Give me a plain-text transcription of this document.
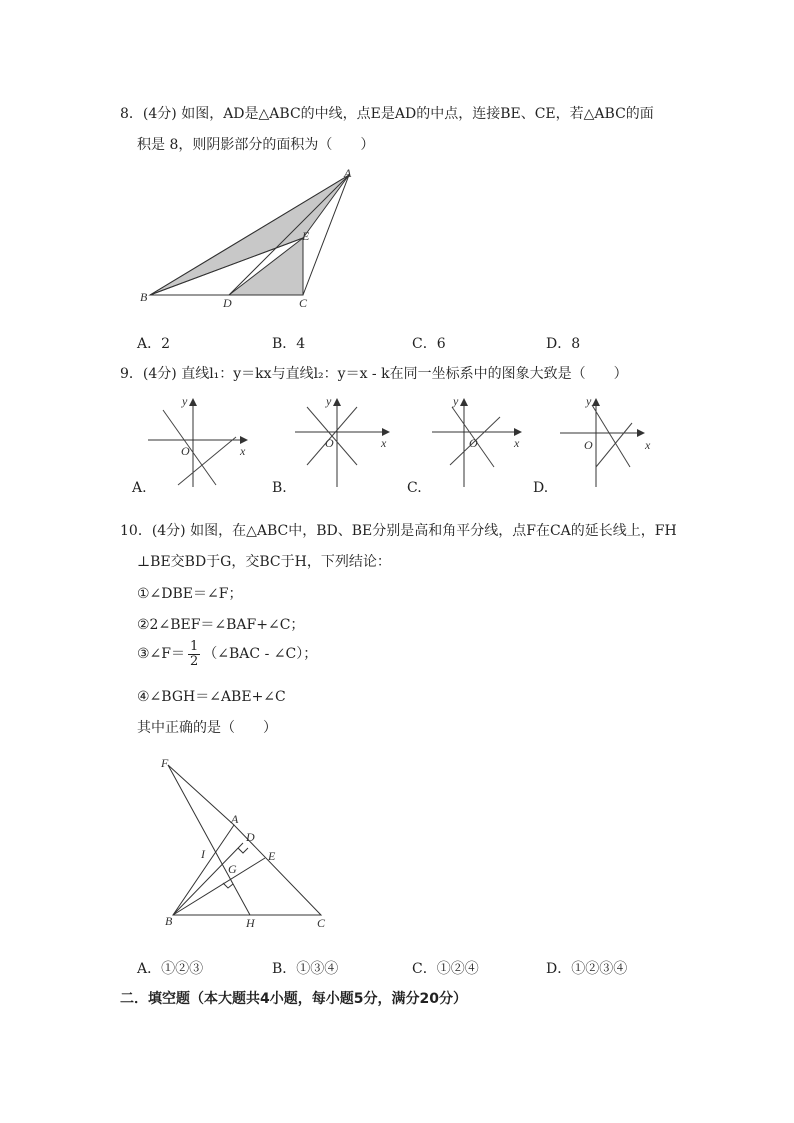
8．(4分) 如图，AD是△ABC的中线，点E是AD的中点，连接BE、CE，若△ABC的面
积是 8，则阴影部分的面积为（　　）
A
B	C
D
E
A．2	B．4	C．6	D．8
9．(4分) 直线l₁：y＝kx与直线l₂：y＝x - k在同一坐标系中的图象大致是（　　）
x
y
O
A.
x
y
O
B.
x
y
O
C.
x
y
O
D.
10．(4分) 如图，在△ABC中，BD、BE分别是高和角平分线，点F在CA的延长线上，FH
⊥BE交BD于G，交BC于H，下列结论：
①∠DBE＝∠F；
②2∠BEF＝∠BAF+∠C；
③∠F＝ $\frac{1}{2}$ （∠BAC - ∠C）；
④∠BGH＝∠ABE+∠C
其中正确的是（　　）
F
A
D
E
I
G
B	H	C
A．①②③	B．①③④	C．①②④	D．①②③④
二．填空题（本大题共4小题，每小题5分，满分20分）
